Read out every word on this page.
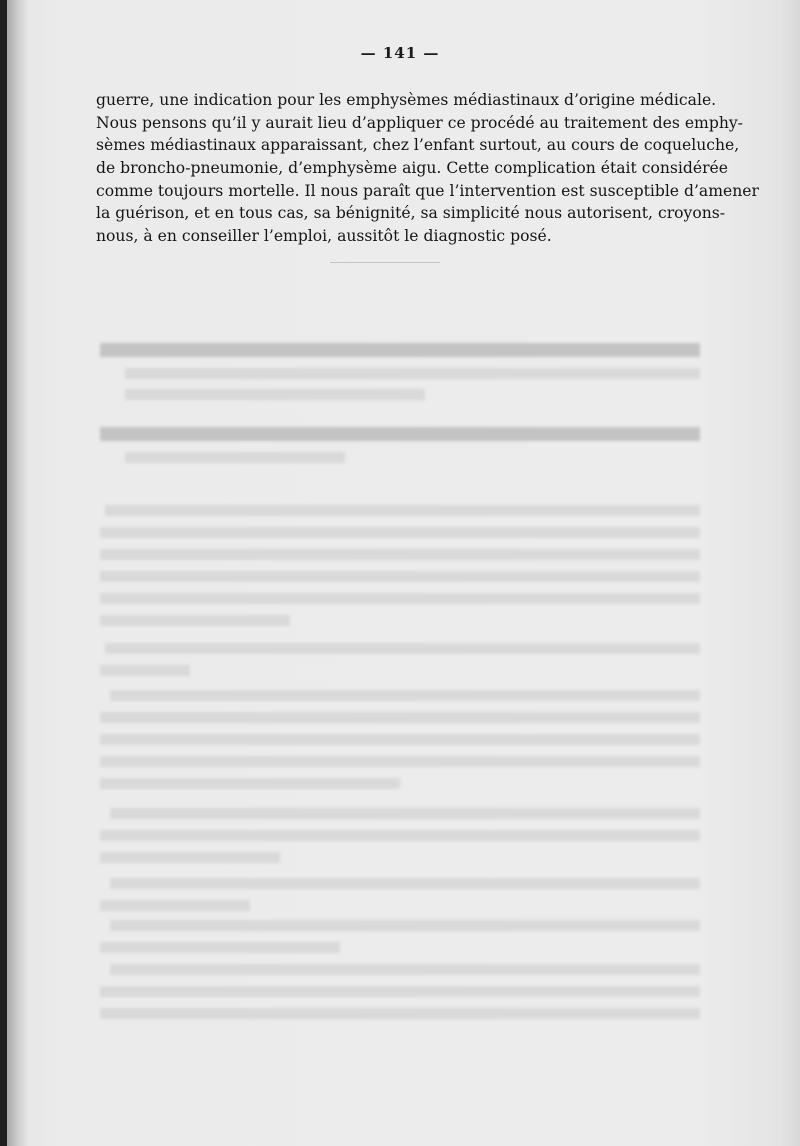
— 141 —
guerre, une indication pour les emphysèmes médiastinaux d’origine médicale.
Nous pensons qu’il y aurait lieu d’appliquer ce procédé au traitement des emphy-
sèmes médiastinaux apparaissant, chez l’enfant surtout, au cours de coqueluche,
de broncho-pneumonie, d’emphysème aigu. Cette complication était considérée
comme toujours mortelle. Il nous paraît que l’intervention est susceptible d’amener
la guérison, et en tous cas, sa bénignité, sa simplicité nous autorisent, croyons-
nous, à en conseiller l’emploi, aussitôt le diagnostic posé.
